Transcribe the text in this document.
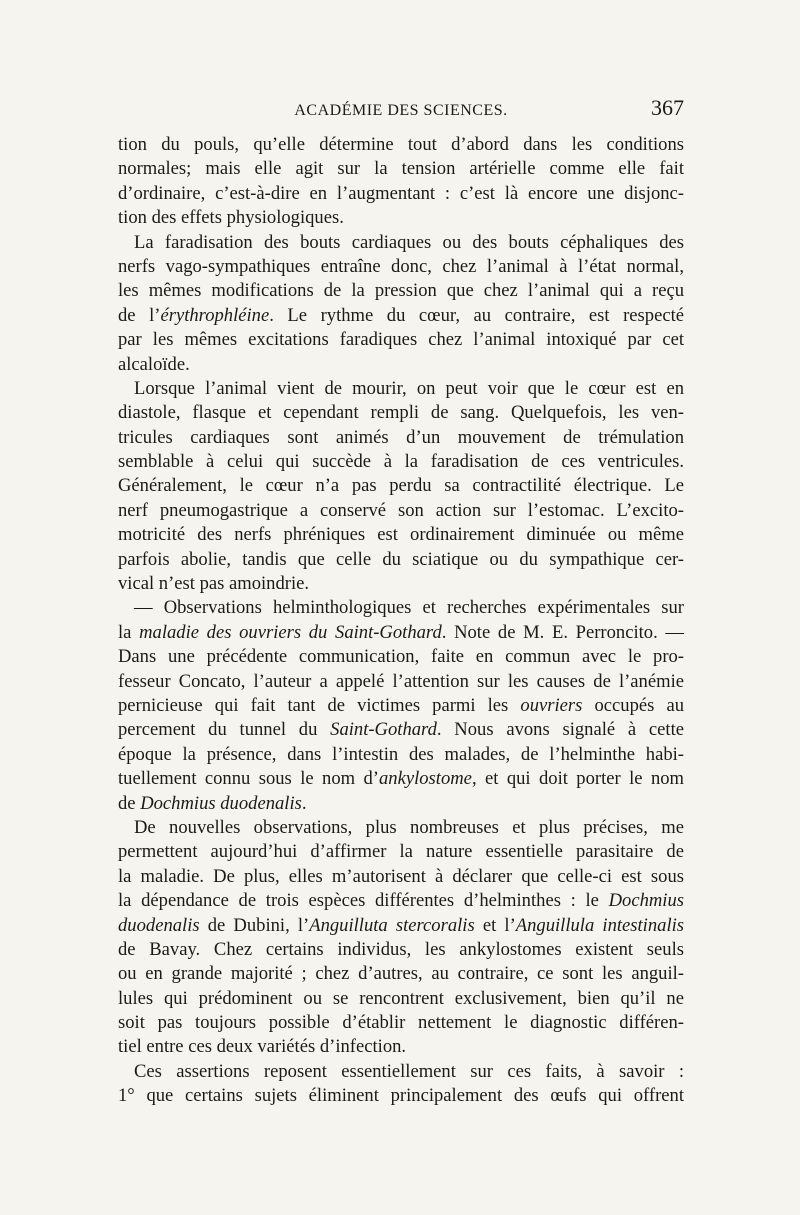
ACADÉMIE DES SCIENCES.	367
tion du pouls, qu’elle détermine tout d’abord dans les conditions
normales; mais elle agit sur la tension artérielle comme elle fait
d’ordinaire, c’est-à-dire en l’augmentant : c’est là encore une disjonc-
tion des effets physiologiques.
La faradisation des bouts cardiaques ou des bouts céphaliques des
nerfs vago-sympathiques entraîne donc, chez l’animal à l’état normal,
les mêmes modifications de la pression que chez l’animal qui a reçu
de l’érythrophléine. Le rythme du cœur, au contraire, est respecté
par les mêmes excitations faradiques chez l’animal intoxiqué par cet
alcaloïde.
Lorsque l’animal vient de mourir, on peut voir que le cœur est en
diastole, flasque et cependant rempli de sang. Quelquefois, les ven-
tricules cardiaques sont animés d’un mouvement de trémulation
semblable à celui qui succède à la faradisation de ces ventricules.
Généralement, le cœur n’a pas perdu sa contractilité électrique. Le
nerf pneumogastrique a conservé son action sur l’estomac. L’excito-
motricité des nerfs phréniques est ordinairement diminuée ou même
parfois abolie, tandis que celle du sciatique ou du sympathique cer-
vical n’est pas amoindrie.
— Observations helminthologiques et recherches expérimentales sur
la maladie des ouvriers du Saint-Gothard. Note de M. E. Perroncito. —
Dans une précédente communication, faite en commun avec le pro-
fesseur Concato, l’auteur a appelé l’attention sur les causes de l’anémie
pernicieuse qui fait tant de victimes parmi les ouvriers occupés au
percement du tunnel du Saint-Gothard. Nous avons signalé à cette
époque la présence, dans l’intestin des malades, de l’helminthe habi-
tuellement connu sous le nom d’ankylostome, et qui doit porter le nom
de Dochmius duodenalis.
De nouvelles observations, plus nombreuses et plus précises, me
permettent aujourd’hui d’affirmer la nature essentielle parasitaire de
la maladie. De plus, elles m’autorisent à déclarer que celle-ci est sous
la dépendance de trois espèces différentes d’helminthes : le Dochmius
duodenalis de Dubini, l’Anguilluta stercoralis et l’Anguillula intestinalis
de Bavay. Chez certains individus, les ankylostomes existent seuls
ou en grande majorité ; chez d’autres, au contraire, ce sont les anguil-
lules qui prédominent ou se rencontrent exclusivement, bien qu’il ne
soit pas toujours possible d’établir nettement le diagnostic différen-
tiel entre ces deux variétés d’infection.
Ces assertions reposent essentiellement sur ces faits, à savoir :
1° que certains sujets éliminent principalement des œufs qui offrent
